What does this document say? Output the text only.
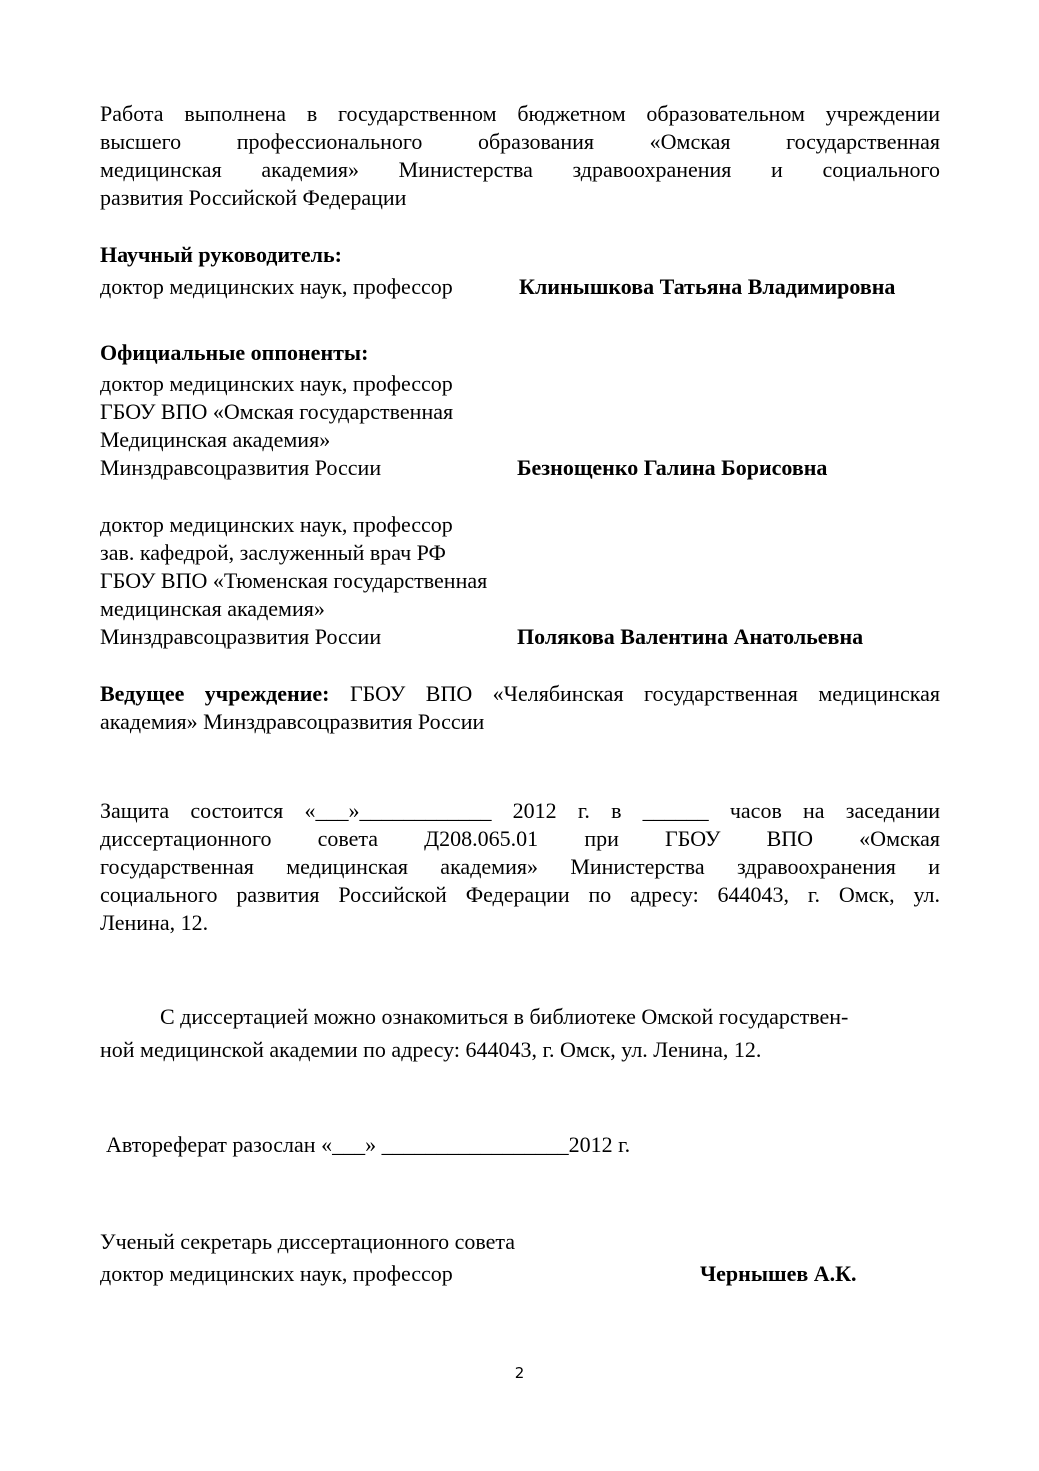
Работа выполнена в государственном бюджетном образовательном учреждении
высшего профессионального образования «Омская государственная
медицинская академия» Министерства здравоохранения и социального
развития Российской Федерации
Научный руководитель:
доктор медицинских наук, профессор	Клинышкова Татьяна Владимировна
Официальные оппоненты:
доктор медицинских наук, профессор
ГБОУ ВПО «Омская государственная
Медицинская академия»
Минздравсоцразвития России	Безнощенко Галина Борисовна
доктор медицинских наук, профессор
зав. кафедрой, заслуженный врач РФ
ГБОУ ВПО «Тюменская государственная
медицинская академия»
Минздравсоцразвития России	Полякова Валентина Анатольевна
Ведущее учреждение: ГБОУ ВПО «Челябинская государственная медицинская
академия» Минздравсоцразвития России
Защита состоится «___»____________ 2012 г. в ______ часов на заседании
диссертационного совета Д208.065.01 при ГБОУ ВПО «Омская
государственная медицинская академия» Министерства здравоохранения и
социального развития Российской Федерации по адресу: 644043, г. Омск, ул.
Ленина, 12.
С диссертацией можно ознакомиться в библиотеке Омской государствен-
ной медицинской академии по адресу: 644043, г. Омск, ул. Ленина, 12.
Автореферат разослан «___» _________________2012 г.
Ученый секретарь диссертационного совета
доктор медицинских наук, профессор	Чернышев А.К.
2
